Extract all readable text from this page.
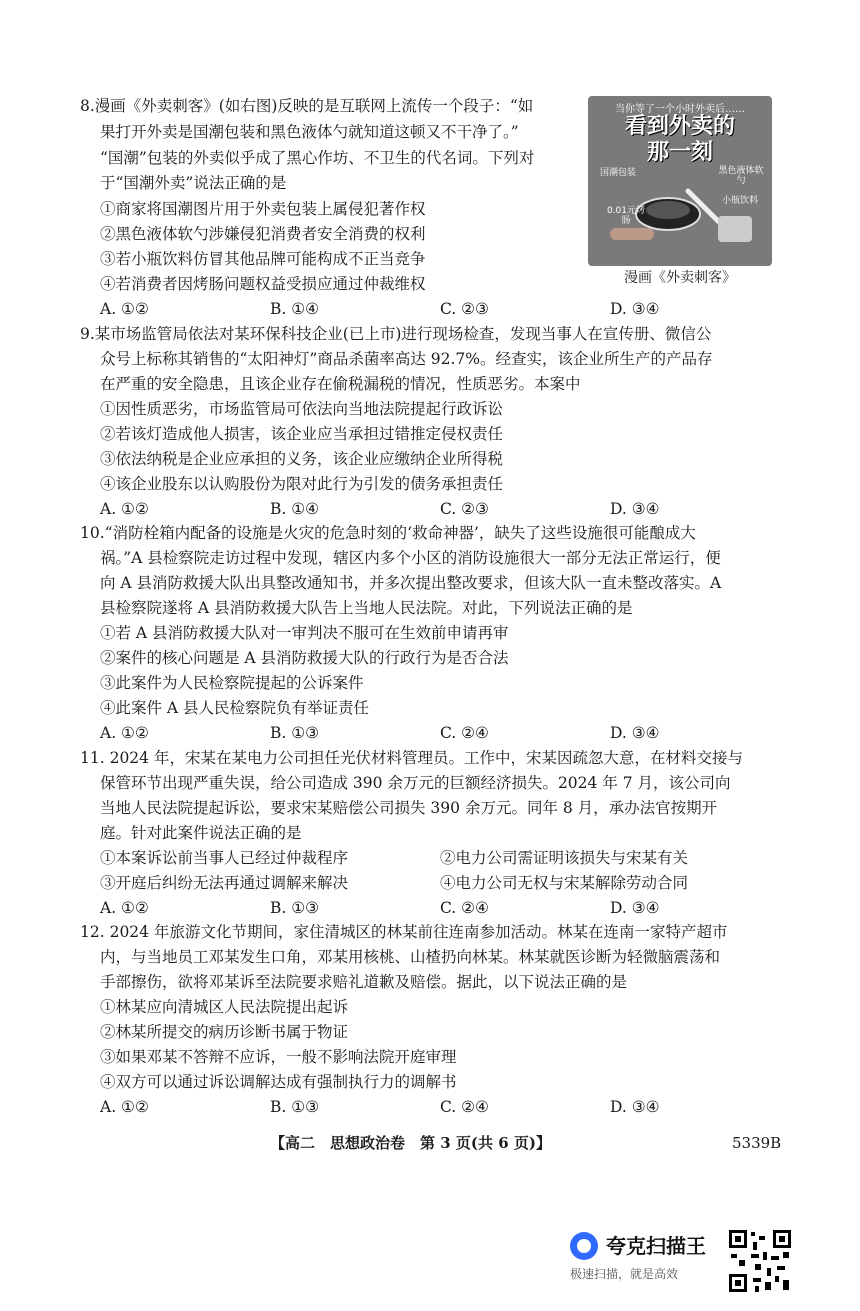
8.漫画《外卖刺客》(如右图)反映的是互联网上流传一个段子：“如
果打开外卖是国潮包装和黑色液体勺就知道这顿又不干净了。”
“国潮”包装的外卖似乎成了黑心作坊、不卫生的代名词。下列对
于“国潮外卖”说法正确的是
①商家将国潮图片用于外卖包装上属侵犯著作权
②黑色液体软勺涉嫌侵犯消费者安全消费的权利
③若小瓶饮料仿冒其他品牌可能构成不正当竞争
④若消费者因烤肠问题权益受损应通过仲裁维权
A. ①②	B. ①④	C. ②③	D. ③④
当你等了一个小时外卖后……
看到外卖的
那一刻
国潮包装	黑色液体软勺
0.01元烤肠
小瓶饮料
漫画《外卖刺客》
9.某市场监管局依法对某环保科技企业(已上市)进行现场检查，发现当事人在宣传册、微信公
众号上标称其销售的“太阳神灯”商品杀菌率高达 92.7%。经查实，该企业所生产的产品存
在严重的安全隐患，且该企业存在偷税漏税的情况，性质恶劣。本案中
①因性质恶劣，市场监管局可依法向当地法院提起行政诉讼
②若该灯造成他人损害，该企业应当承担过错推定侵权责任
③依法纳税是企业应承担的义务，该企业应缴纳企业所得税
④该企业股东以认购股份为限对此行为引发的债务承担责任
A. ①②	B. ①④	C. ②③	D. ③④
10.“消防栓箱内配备的设施是火灾的危急时刻的‘救命神器’，缺失了这些设施很可能酿成大
祸。”A 县检察院走访过程中发现，辖区内多个小区的消防设施很大一部分无法正常运行，便
向 A 县消防救援大队出具整改通知书，并多次提出整改要求，但该大队一直未整改落实。A
县检察院遂将 A 县消防救援大队告上当地人民法院。对此，下列说法正确的是
①若 A 县消防救援大队对一审判决不服可在生效前申请再审
②案件的核心问题是 A 县消防救援大队的行政行为是否合法
③此案件为人民检察院提起的公诉案件
④此案件 A 县人民检察院负有举证责任
A. ①②	B. ①③	C. ②④	D. ③④
11. 2024 年，宋某在某电力公司担任光伏材料管理员。工作中，宋某因疏忽大意，在材料交接与
保管环节出现严重失误，给公司造成 390 余万元的巨额经济损失。2024 年 7 月，该公司向
当地人民法院提起诉讼，要求宋某赔偿公司损失 390 余万元。同年 8 月，承办法官按期开
庭。针对此案件说法正确的是
①本案诉讼前当事人已经过仲裁程序	②电力公司需证明该损失与宋某有关
③开庭后纠纷无法再通过调解来解决	④电力公司无权与宋某解除劳动合同
A. ①②	B. ①③	C. ②④	D. ③④
12. 2024 年旅游文化节期间，家住清城区的林某前往连南参加活动。林某在连南一家特产超市
内，与当地员工邓某发生口角，邓某用核桃、山楂扔向林某。林某就医诊断为轻微脑震荡和
手部擦伤，欲将邓某诉至法院要求赔礼道歉及赔偿。据此，以下说法正确的是
①林某应向清城区人民法院提出起诉
②林某所提交的病历诊断书属于物证
③如果邓某不答辩不应诉，一般不影响法院开庭审理
④双方可以通过诉讼调解达成有强制执行力的调解书
A. ①②	B. ①③	C. ②④	D. ③④
【高二　思想政治卷　第 3 页(共 6 页)】	5339B
夸克扫描王
极速扫描，就是高效
